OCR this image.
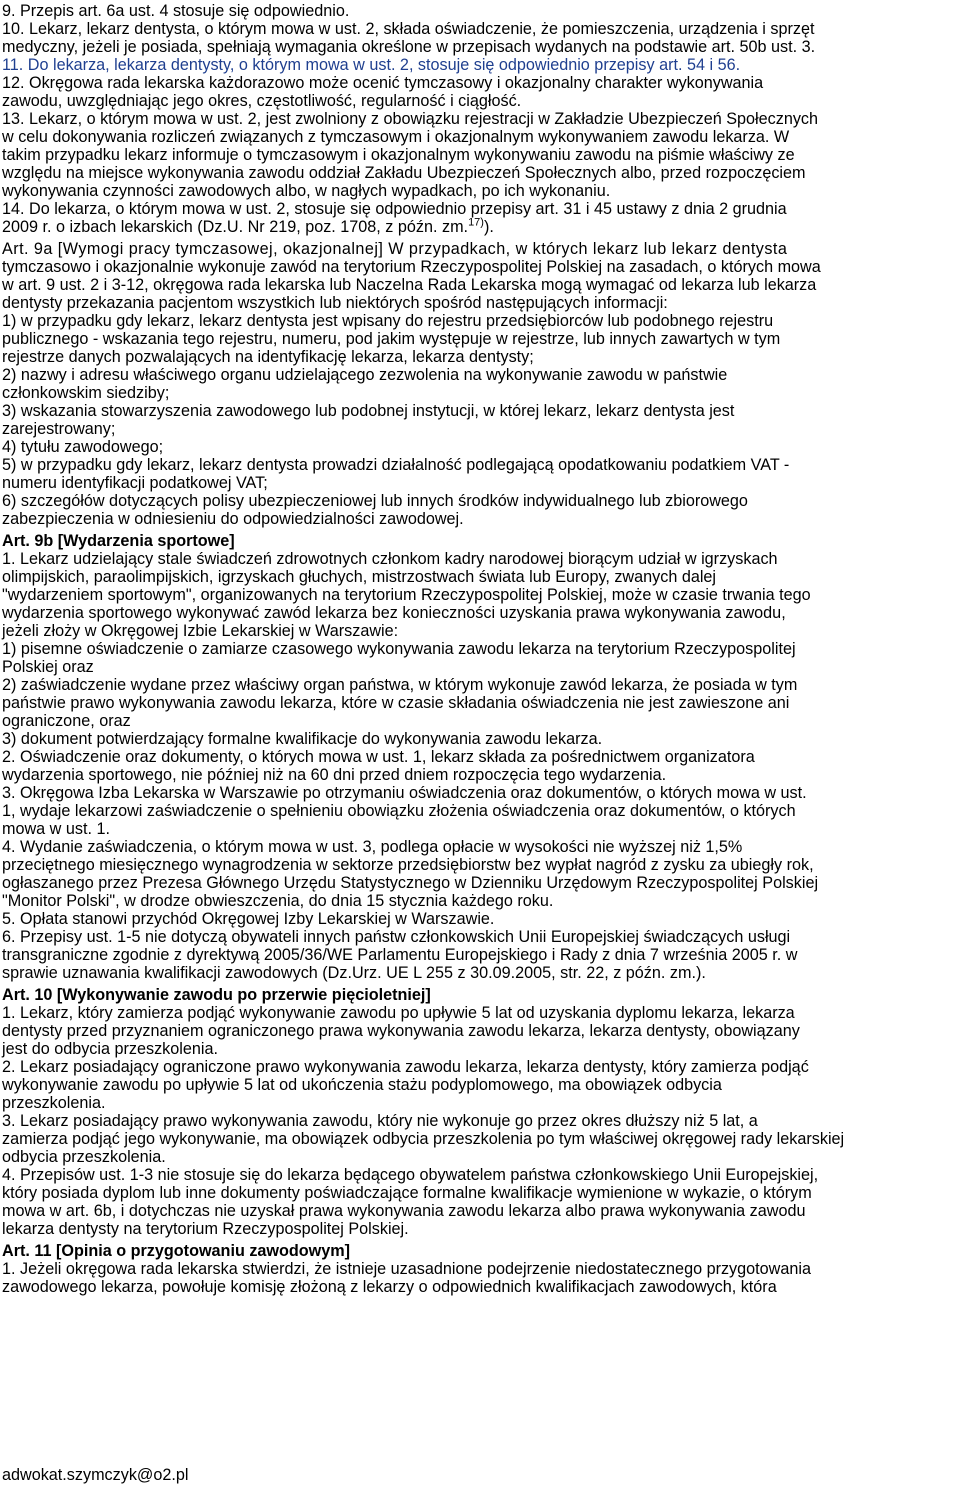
9. Przepis art. 6a ust. 4 stosuje się odpowiednio.
10. Lekarz, lekarz dentysta, o którym mowa w ust. 2, składa oświadczenie, że pomieszczenia, urządzenia i sprzęt
medyczny, jeżeli je posiada, spełniają wymagania określone w przepisach wydanych na podstawie art. 50b ust. 3.
11. Do lekarza, lekarza dentysty, o którym mowa w ust. 2, stosuje się odpowiednio przepisy art. 54 i 56.
12. Okręgowa rada lekarska każdorazowo może ocenić tymczasowy i okazjonalny charakter wykonywania
zawodu, uwzględniając jego okres, częstotliwość, regularność i ciągłość.
13. Lekarz, o którym mowa w ust. 2, jest zwolniony z obowiązku rejestracji w Zakładzie Ubezpieczeń Społecznych
w celu dokonywania rozliczeń związanych z tymczasowym i okazjonalnym wykonywaniem zawodu lekarza. W
takim przypadku lekarz informuje o tymczasowym i okazjonalnym wykonywaniu zawodu na piśmie właściwy ze
względu na miejsce wykonywania zawodu oddział Zakładu Ubezpieczeń Społecznych albo, przed rozpoczęciem
wykonywania czynności zawodowych albo, w nagłych wypadkach, po ich wykonaniu.
14. Do lekarza, o którym mowa w ust. 2, stosuje się odpowiednio przepisy art. 31 i 45 ustawy z dnia 2 grudnia
2009 r. o izbach lekarskich (Dz.U. Nr 219, poz. 1708, z późn. zm.$^{17)}$).
Art. 9a [Wymogi pracy tymczasowej, okazjonalnej] W przypadkach, w których lekarz lub lekarz dentysta
tymczasowo i okazjonalnie wykonuje zawód na terytorium Rzeczypospolitej Polskiej na zasadach, o których mowa
w art. 9 ust. 2 i 3-12, okręgowa rada lekarska lub Naczelna Rada Lekarska mogą wymagać od lekarza lub lekarza
dentysty przekazania pacjentom wszystkich lub niektórych spośród następujących informacji:
1) w przypadku gdy lekarz, lekarz dentysta jest wpisany do rejestru przedsiębiorców lub podobnego rejestru
publicznego - wskazania tego rejestru, numeru, pod jakim występuje w rejestrze, lub innych zawartych w tym
rejestrze danych pozwalających na identyfikację lekarza, lekarza dentysty;
2) nazwy i adresu właściwego organu udzielającego zezwolenia na wykonywanie zawodu w państwie
członkowskim siedziby;
3) wskazania stowarzyszenia zawodowego lub podobnej instytucji, w której lekarz, lekarz dentysta jest
zarejestrowany;
4) tytułu zawodowego;
5) w przypadku gdy lekarz, lekarz dentysta prowadzi działalność podlegającą opodatkowaniu podatkiem VAT -
numeru identyfikacji podatkowej VAT;
6) szczegółów dotyczących polisy ubezpieczeniowej lub innych środków indywidualnego lub zbiorowego
zabezpieczenia w odniesieniu do odpowiedzialności zawodowej.
Art. 9b [Wydarzenia sportowe]
1. Lekarz udzielający stale świadczeń zdrowotnych członkom kadry narodowej biorącym udział w igrzyskach
olimpijskich, paraolimpijskich, igrzyskach głuchych, mistrzostwach świata lub Europy, zwanych dalej
"wydarzeniem sportowym", organizowanych na terytorium Rzeczypospolitej Polskiej, może w czasie trwania tego
wydarzenia sportowego wykonywać zawód lekarza bez konieczności uzyskania prawa wykonywania zawodu,
jeżeli złoży w Okręgowej Izbie Lekarskiej w Warszawie:
1) pisemne oświadczenie o zamiarze czasowego wykonywania zawodu lekarza na terytorium Rzeczypospolitej
Polskiej oraz
2) zaświadczenie wydane przez właściwy organ państwa, w którym wykonuje zawód lekarza, że posiada w tym
państwie prawo wykonywania zawodu lekarza, które w czasie składania oświadczenia nie jest zawieszone ani
ograniczone, oraz
3) dokument potwierdzający formalne kwalifikacje do wykonywania zawodu lekarza.
2. Oświadczenie oraz dokumenty, o których mowa w ust. 1, lekarz składa za pośrednictwem organizatora
wydarzenia sportowego, nie później niż na 60 dni przed dniem rozpoczęcia tego wydarzenia.
3. Okręgowa Izba Lekarska w Warszawie po otrzymaniu oświadczenia oraz dokumentów, o których mowa w ust.
1, wydaje lekarzowi zaświadczenie o spełnieniu obowiązku złożenia oświadczenia oraz dokumentów, o których
mowa w ust. 1.
4. Wydanie zaświadczenia, o którym mowa w ust. 3, podlega opłacie w wysokości nie wyższej niż 1,5%
przeciętnego miesięcznego wynagrodzenia w sektorze przedsiębiorstw bez wypłat nagród z zysku za ubiegły rok,
ogłaszanego przez Prezesa Głównego Urzędu Statystycznego w Dzienniku Urzędowym Rzeczypospolitej Polskiej
"Monitor Polski", w drodze obwieszczenia, do dnia 15 stycznia każdego roku.
5. Opłata stanowi przychód Okręgowej Izby Lekarskiej w Warszawie.
6. Przepisy ust. 1-5 nie dotyczą obywateli innych państw członkowskich Unii Europejskiej świadczących usługi
transgraniczne zgodnie z dyrektywą 2005/36/WE Parlamentu Europejskiego i Rady z dnia 7 września 2005 r. w
sprawie uznawania kwalifikacji zawodowych (Dz.Urz. UE L 255 z 30.09.2005, str. 22, z późn. zm.).
Art. 10 [Wykonywanie zawodu po przerwie pięcioletniej]
1. Lekarz, który zamierza podjąć wykonywanie zawodu po upływie 5 lat od uzyskania dyplomu lekarza, lekarza
dentysty przed przyznaniem ograniczonego prawa wykonywania zawodu lekarza, lekarza dentysty, obowiązany
jest do odbycia przeszkolenia.
2. Lekarz posiadający ograniczone prawo wykonywania zawodu lekarza, lekarza dentysty, który zamierza podjąć
wykonywanie zawodu po upływie 5 lat od ukończenia stażu podyplomowego, ma obowiązek odbycia
przeszkolenia.
3. Lekarz posiadający prawo wykonywania zawodu, który nie wykonuje go przez okres dłuższy niż 5 lat, a
zamierza podjąć jego wykonywanie, ma obowiązek odbycia przeszkolenia po tym właściwej okręgowej rady lekarskiej
odbycia przeszkolenia.
4. Przepisów ust. 1-3 nie stosuje się do lekarza będącego obywatelem państwa członkowskiego Unii Europejskiej,
który posiada dyplom lub inne dokumenty poświadczające formalne kwalifikacje wymienione w wykazie, o którym
mowa w art. 6b, i dotychczas nie uzyskał prawa wykonywania zawodu lekarza albo prawa wykonywania zawodu
lekarza dentysty na terytorium Rzeczypospolitej Polskiej.
Art. 11 [Opinia o przygotowaniu zawodowym]
1. Jeżeli okręgowa rada lekarska stwierdzi, że istnieje uzasadnione podejrzenie niedostatecznego przygotowania
zawodowego lekarza, powołuje komisję złożoną z lekarzy o odpowiednich kwalifikacjach zawodowych, która
adwokat.szymczyk@o2.pl
